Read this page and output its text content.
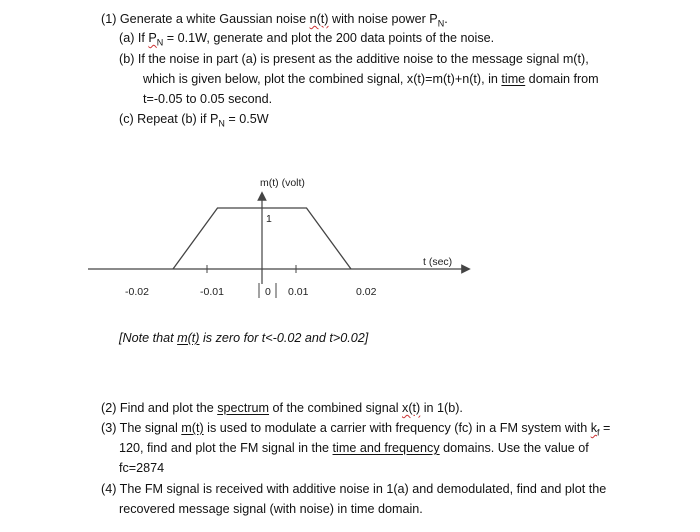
(1) Generate a white Gaussian noise n(t) with noise power $P_N$.
(a) If $P_N = 0.1W$, generate and plot the 200 data points of the noise.
(b) If the noise in part (a) is present as the additive noise to the message signal m(t),
which is given below, plot the combined signal, x(t)=m(t)+n(t), in time domain from
t=-0.05 to 0.05 second.
(c) Repeat (b) if $P_N = 0.5W$
m(t) (volt)
1
t (sec)
-0.02	-0.01	0 0.01	0.02
[Note that m(t) is zero for t<-0.02 and t>0.02]
(2) Find and plot the spectrum of the combined signal x(t) in 1(b).
(3) The signal m(t) is used to modulate a carrier with frequency (fc) in a FM system with $k_f$ =
120, find and plot the FM signal in the time and frequency domains. Use the value of
fc=2874
(4) The FM signal is received with additive noise in 1(a) and demodulated, find and plot the
recovered message signal (with noise) in time domain.
